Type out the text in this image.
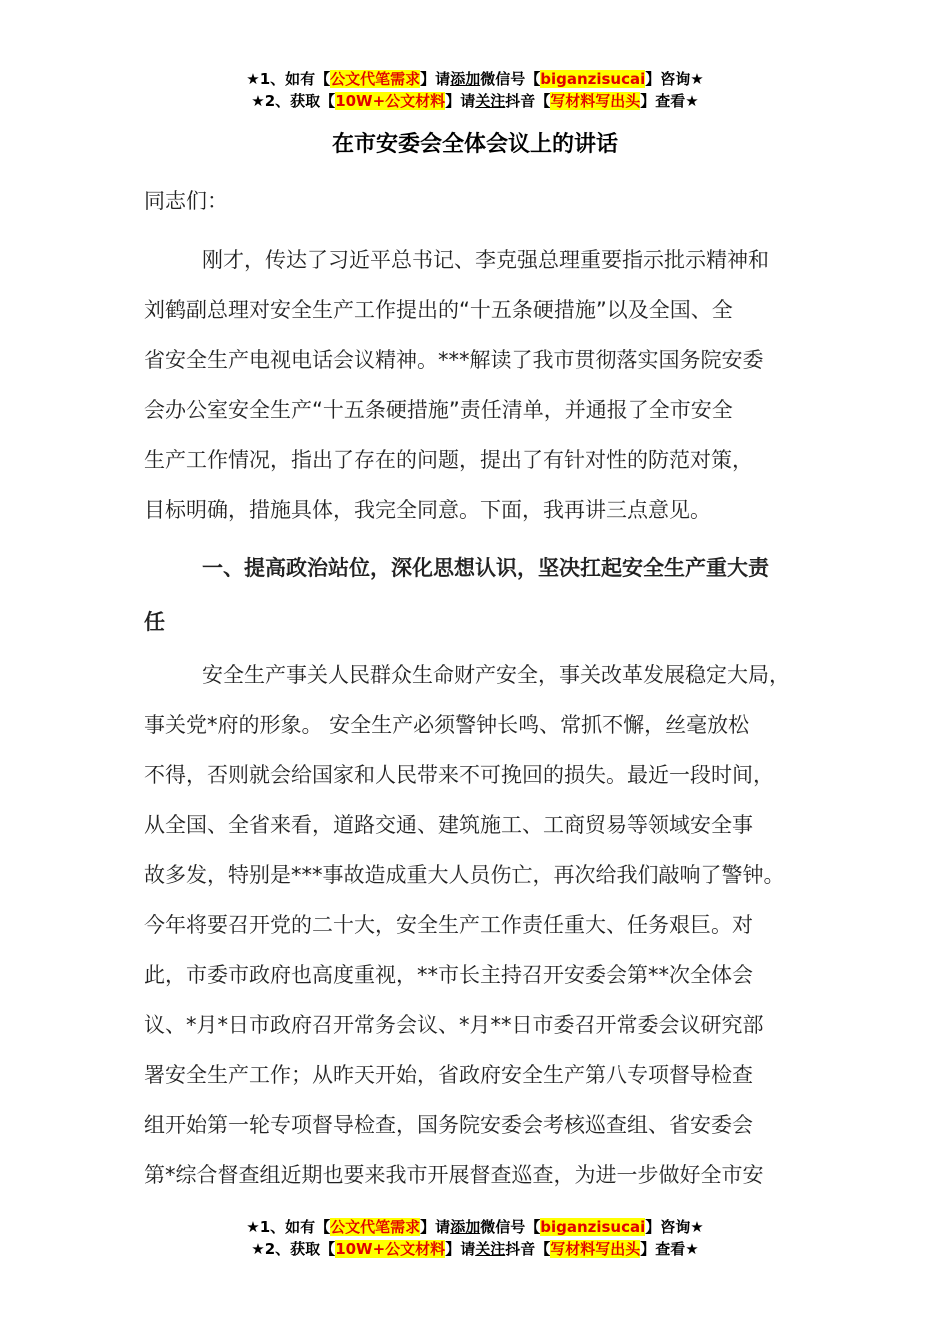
★1、如有【公文代笔需求】请添加微信号【biganzisucai】咨询★
★2、获取【10W+公文材料】请关注抖音【写材料写出头】查看★
在市安委会全体会议上的讲话
同志们：
刚才，传达了习近平总书记、李克强总理重要指示批示精神和
刘鹤副总理对安全生产工作提出的“十五条硬措施”以及全国、全
省安全生产电视电话会议精神。***解读了我市贯彻落实国务院安委
会办公室安全生产“十五条硬措施”责任清单，并通报了全市安全
生产工作情况，指出了存在的问题，提出了有针对性的防范对策，
目标明确，措施具体，我完全同意。下面，我再讲三点意见。
一、提高政治站位，深化思想认识，坚决扛起安全生产重大责
任
安全生产事关人民群众生命财产安全，事关改革发展稳定大局，
事关党*府的形象。 安全生产必须警钟长鸣、常抓不懈，丝毫放松
不得，否则就会给国家和人民带来不可挽回的损失。最近一段时间，
从全国、全省来看，道路交通、建筑施工、工商贸易等领域安全事
故多发，特别是***事故造成重大人员伤亡，再次给我们敲响了警钟。
今年将要召开党的二十大，安全生产工作责任重大、任务艰巨。对
此，市委市政府也高度重视，**市长主持召开安委会第**次全体会
议、*月*日市政府召开常务会议、*月**日市委召开常委会议研究部
署安全生产工作；从昨天开始，省政府安全生产第八专项督导检查
组开始第一轮专项督导检查，国务院安委会考核巡查组、省安委会
第*综合督查组近期也要来我市开展督查巡查，为进一步做好全市安
★1、如有【公文代笔需求】请添加微信号【biganzisucai】咨询★
★2、获取【10W+公文材料】请关注抖音【写材料写出头】查看★
